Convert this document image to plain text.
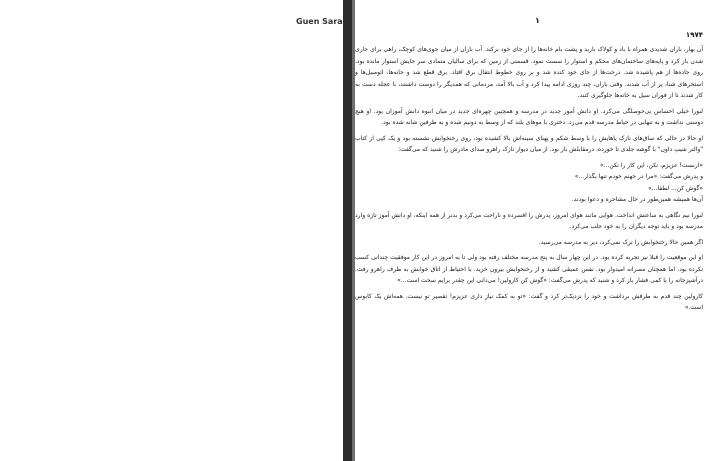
Guen Sara	۱
۱۹۷۴

آن بهار، باران شدیدی همراه با باد و کولاک بارید و پشت بام خانه‌ها را از جای خود برکند. آب باران از میان جوی‌های کوچک، راهی برای جاری شدن باز کرد و پایه‌های ساختمان‌های محکم و استوار را سست نمود. قسمتی از زمین که برای سالیان متمادی سر جایش استوار مانده بود، روی جاده‌ها از هم پاشیده شد. درخت‌ها از جای خود کنده شد و بر روی خطوط انتقال برق افتاد. برق قطع شد و خانه‌ها، اتومبیل‌ها و استخرهای شنا، پر از آب شدند. وقتی باران، چند روزی ادامه پیدا کرد و آب بالا آمد، مردمانی که همدیگر را دوست داشتند، با عجله دست به کار شدند تا از فوران سیل به خانه‌ها جلوگیری کنند.

لنورا خیلی احساس بی‌حوصلگی می‌کرد. او دانش آموز جدید در مدرسه و همچنین چهره‌ای جدید در میان انبوه دانش آموزان بود. او هیچ دوستی نداشت و به تنهایی در حیاط مدرسه قدم می‌زد. دختری با موهای بلند که از وسط به دونیم شده و به طرفین شانه شده بود.

او حالا در حالی که ساق‌های نازک پاهایش را با وسط شکم و پهنای سینه‌اش بالا کشیده بود، روی رختخوابش نشسته بود و یک کپی از کتاب "والتر شیپ داون" با گوشه جلدی تا خورده، درمقابلش باز بود. از میان دیوار نازک راهرو صدای مادرش را شنید که می‌گفت:

«ارنست! عزیزم، نکن، این کار را نکن...»

و پدرش می‌گفت: «مرا در جهنم خودم تنها بگذار...»

«گوش کن... لطفا...»

آن‌ها همیشه همین‌طور در حال مشاجره و دعوا بودند.

لنورا نیم نگاهی به ساعتش انداخت. هوایی مانند هوای امروز، پدرش را افسرده و ناراحت می‌کرد و بدتر از همه اینکه، او دانش آموز تازه وارد مدرسه بود و باید توجه دیگران را به خود جلب می‌کرد.

اگر همین حالا رختخوابش را ترک نمی‌کرد، دیر به مدرسه می‌رسید.

او این موقعیت را قبلا نیز تجربه کرده بود. در این چهار سال به پنج مدرسه مختلف رفته بود ولی تا به امروز در این کار موفقیت چندانی کسب نکرده بود. اما همچنان مصرانه امیدوار بود. نفس عمیقی کشید و از رختخوابش بیرون خزید. با احتیاط از اتاق خوابش به طرف راهرو رفت. درآشپزخانه را با کمی فشار باز کرد و شنید که پدرش می‌گفت: «گوش کن کارولین! می‌دانی این چقدر برایم سخت است...»

کارولین چند قدم به طرفش برداشت و خود را نزدیک‌تر کرد و گفت: «تو به کمک نیاز داری عزیزم! تقصیر تو نیست. همه‌اش یک کابوس است.»
